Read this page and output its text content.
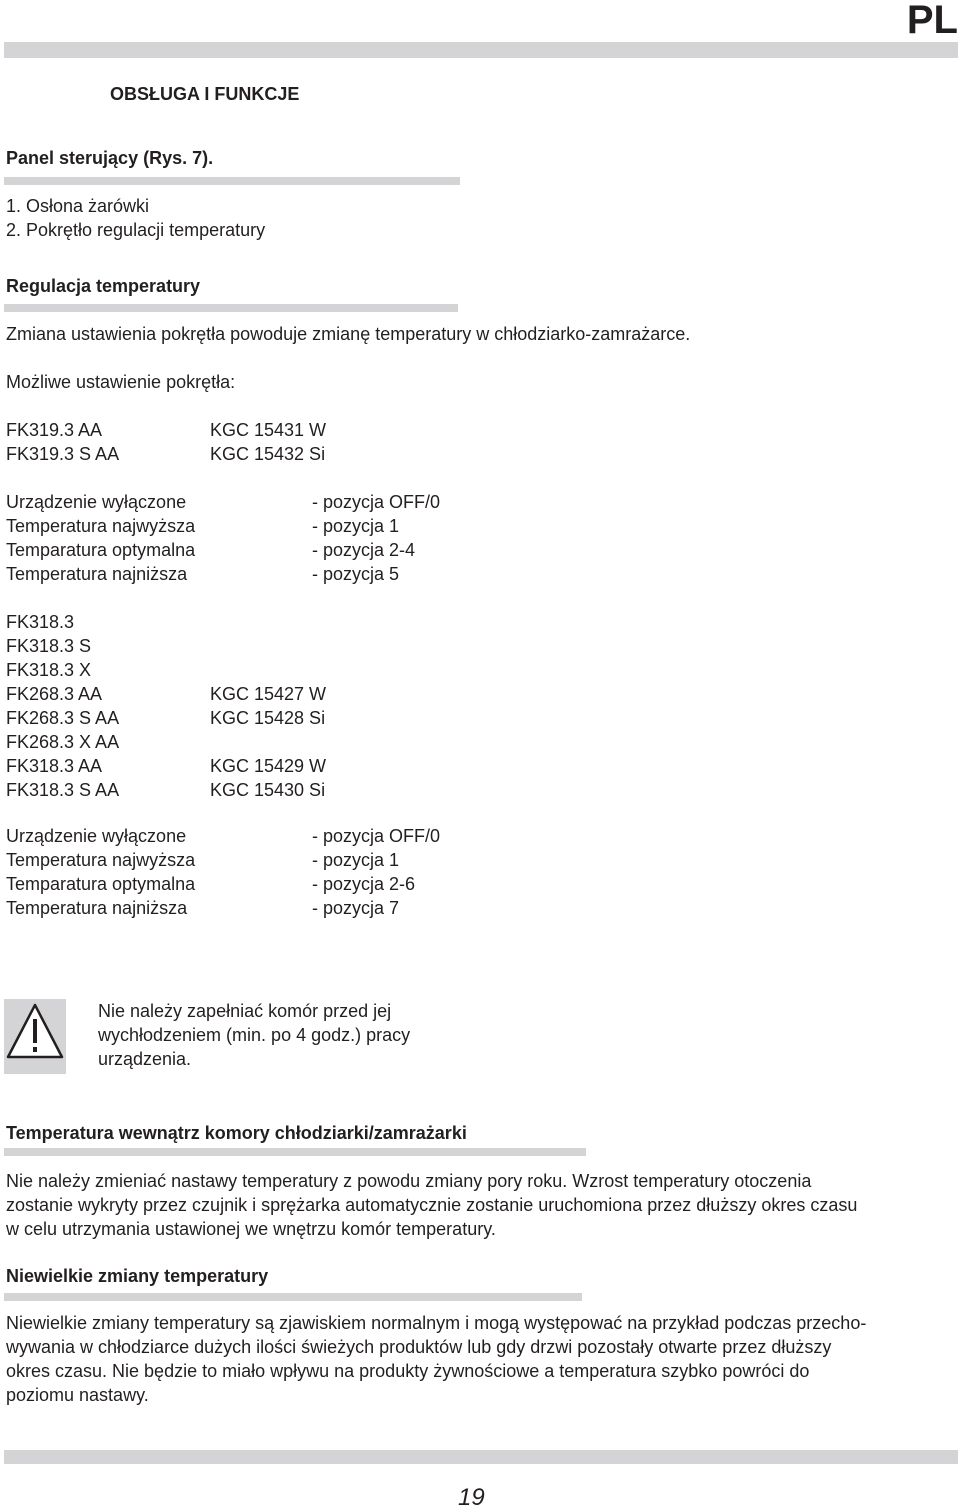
PL
OBSŁUGA I FUNKCJE
Panel sterujący (Rys. 7).
1. Osłona żarówki
2. Pokrętło regulacji temperatury
Regulacja temperatury
Zmiana ustawienia pokrętła powoduje zmianę temperatury w chłodziarko-zamrażarce.
Możliwe ustawienie pokrętła:
FK319.3 AA	KGC 15431 W
FK319.3 S AA	KGC 15432 Si
Urządzenie wyłączone	- pozycja OFF/0
Temperatura najwyższa	- pozycja 1
Temparatura optymalna	- pozycja 2-4
Temperatura najniższa	- pozycja 5
FK318.3
FK318.3 S
FK318.3 X
FK268.3 AA	KGC 15427 W
FK268.3 S AA	KGC 15428 Si
FK268.3 X AA
FK318.3 AA	KGC 15429 W
FK318.3 S AA	KGC 15430 Si
Urządzenie wyłączone	- pozycja OFF/0
Temperatura najwyższa	- pozycja 1
Temparatura optymalna	- pozycja 2-6
Temperatura najniższa	- pozycja 7
Nie należy zapełniać komór przed jej
wychłodzeniem (min. po 4 godz.) pracy
urządzenia.
Temperatura wewnątrz komory chłodziarki/zamrażarki
Nie należy zmieniać nastawy temperatury z powodu zmiany pory roku. Wzrost temperatury otoczenia
zostanie wykryty przez czujnik i sprężarka automatycznie zostanie uruchomiona przez dłuższy okres czasu
w celu utrzymania ustawionej we wnętrzu komór temperatury.
Niewielkie zmiany temperatury
Niewielkie zmiany temperatury są zjawiskiem normalnym i mogą występować na przykład podczas przecho-
wywania w chłodziarce dużych ilości świeżych produktów lub gdy drzwi pozostały otwarte przez dłuższy
okres czasu. Nie będzie to miało wpływu na produkty żywnościowe a temperatura szybko powróci do
poziomu nastawy.
19
